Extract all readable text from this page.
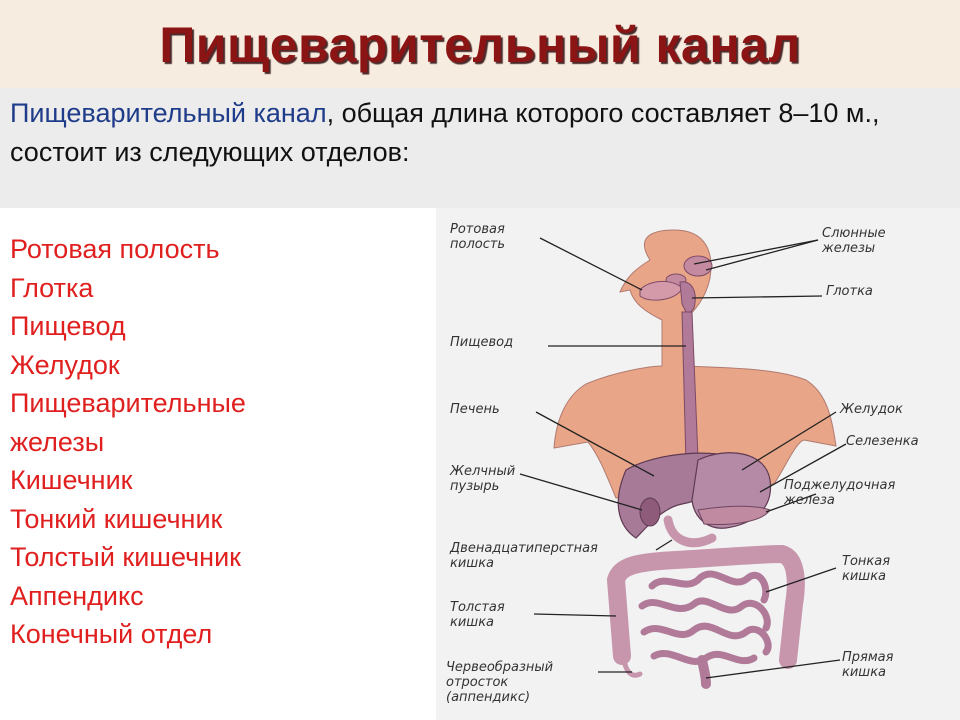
Пищеварительный канал
Пищеварительный канал, общая длина которого составляет 8–10 м., состоит из следующих отделов:
Ротовая полость
Глотка
Пищевод
Желудок
Пищеварительные
железы
Кишечник
Тонкий кишечник
Толстый кишечник
Аппендикс
Конечный отдел
Ротовая
полость
Пищевод
Печень
Желчный
пузырь
Двенадцатиперстная
кишка
Толстая
кишка
Червеобразный
отросток
(аппендикс)
Слюнные
железы
Глотка
Желудок
Селезенка
Поджелудочная
железа
Тонкая
кишка
Прямая
кишка
